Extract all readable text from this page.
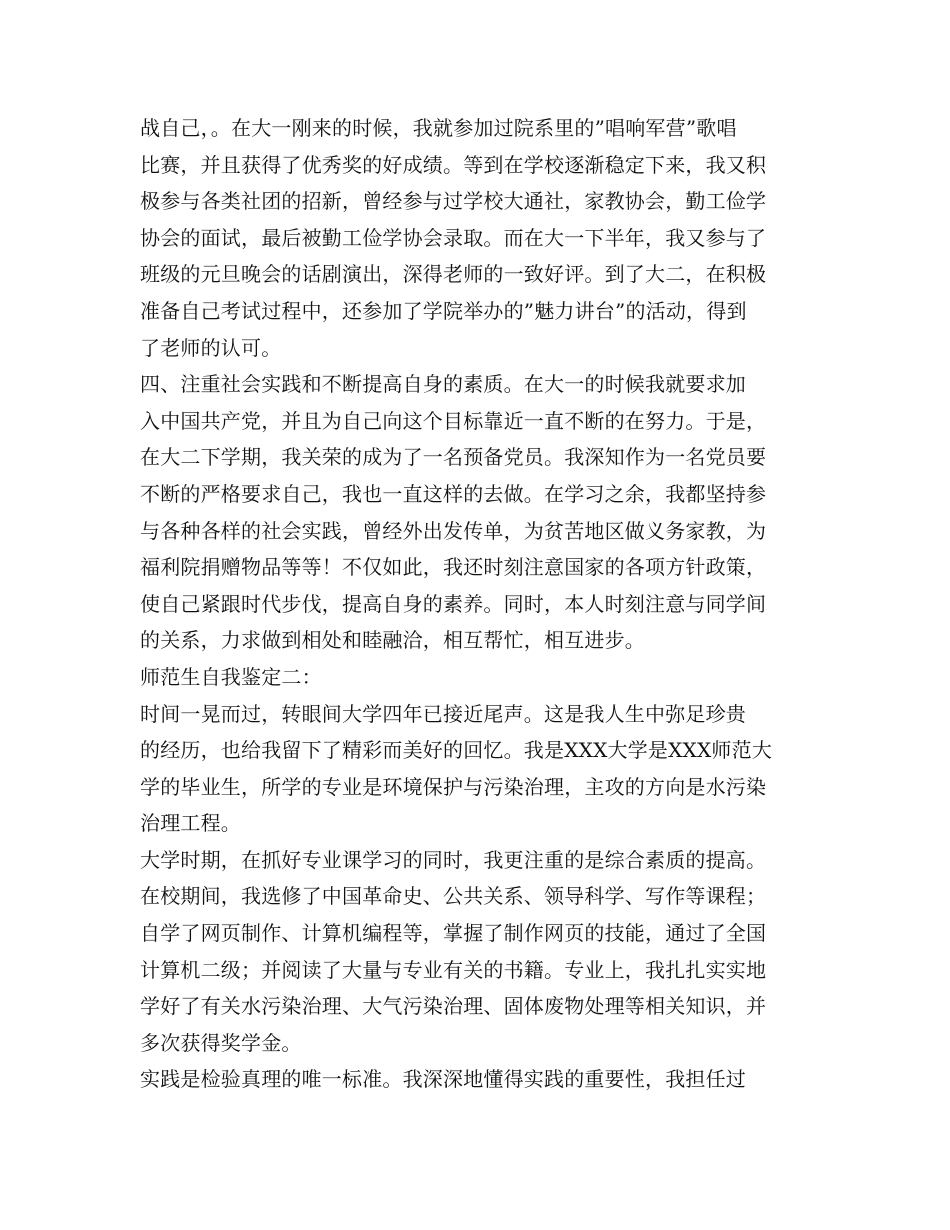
战自己，。在大一刚来的时候，我就参加过院系里的”唱响军营”歌唱
比赛，并且获得了优秀奖的好成绩。等到在学校逐渐稳定下来，我又积
极参与各类社团的招新，曾经参与过学校大通社，家教协会，勤工俭学
协会的面试，最后被勤工俭学协会录取。而在大一下半年，我又参与了
班级的元旦晚会的话剧演出，深得老师的一致好评。到了大二，在积极
准备自己考试过程中，还参加了学院举办的”魅力讲台”的活动，得到
了老师的认可。
四、注重社会实践和不断提高自身的素质。在大一的时候我就要求加
入中国共产党，并且为自己向这个目标靠近一直不断的在努力。于是，
在大二下学期，我关荣的成为了一名预备党员。我深知作为一名党员要
不断的严格要求自己，我也一直这样的去做。在学习之余，我都坚持参
与各种各样的社会实践，曾经外出发传单，为贫苦地区做义务家教，为
福利院捐赠物品等等！不仅如此，我还时刻注意国家的各项方针政策，
使自己紧跟时代步伐，提高自身的素养。同时，本人时刻注意与同学间
的关系，力求做到相处和睦融洽，相互帮忙，相互进步。
师范生自我鉴定二：
时间一晃而过，转眼间大学四年已接近尾声。这是我人生中弥足珍贵
的经历，也给我留下了精彩而美好的回忆。我是XXX大学是XXX师范大
学的毕业生，所学的专业是环境保护与污染治理，主攻的方向是水污染
治理工程。
大学时期，在抓好专业课学习的同时，我更注重的是综合素质的提高。
在校期间，我选修了中国革命史、公共关系、领导科学、写作等课程；
自学了网页制作、计算机编程等，掌握了制作网页的技能，通过了全国
计算机二级；并阅读了大量与专业有关的书籍。专业上，我扎扎实实地
学好了有关水污染治理、大气污染治理、固体废物处理等相关知识，并
多次获得奖学金。
实践是检验真理的唯一标准。我深深地懂得实践的重要性，我担任过
